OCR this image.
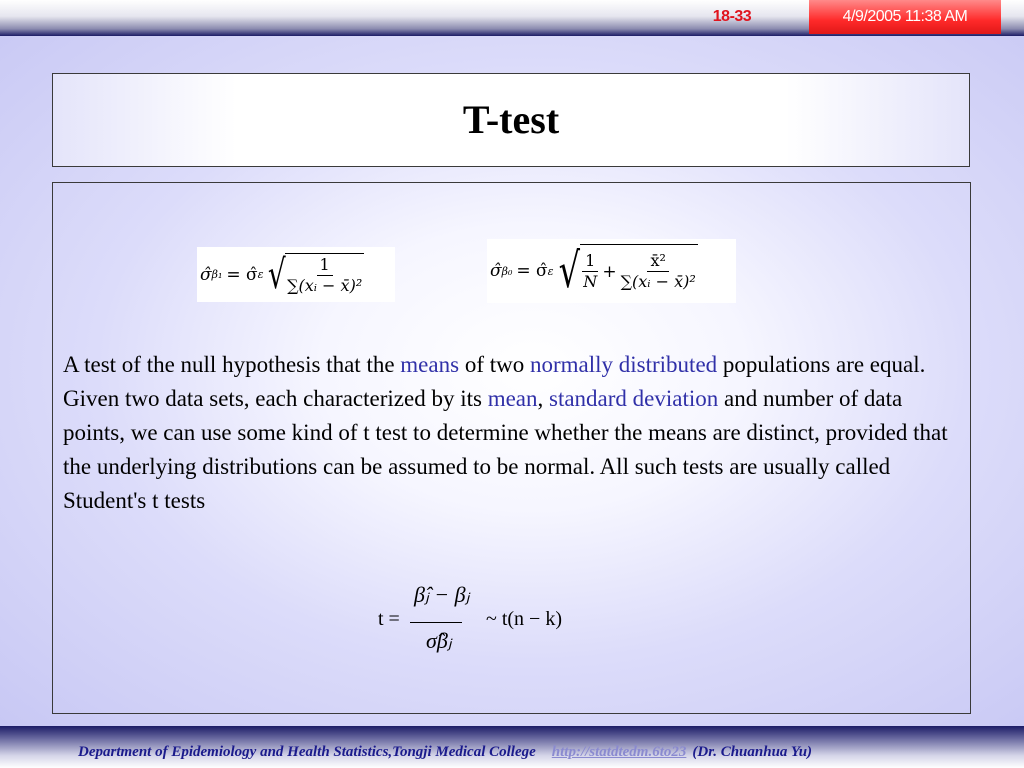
18-33	4/9/2005 11:38 AM
T-test
σ̂ β₁ = σ̂ ε √ $\frac{1}{\text{∑(xᵢ − x̄)²}}$	σ̂ β₀ = σ̂ ε √ $\frac{1}{N} + \frac{\text{x̄²}}{\text{∑(xᵢ − x̄)²}}$
A test of the null hypothesis that the means of two normally distributed populations are equal. Given two data sets, each characterized by its mean, standard deviation and number of data points, we can use some kind of t test to determine whether the means are distinct, provided that the underlying distributions can be assumed to be normal. All such tests are usually called Student's t tests
t =
β̂ⱼ − βⱼ
σ̂βⱼ
~ t(n − k)
Department of Epidemiology and Health Statistics,Tongji Medical College http://statdtedm.6to23 (Dr. Chuanhua Yu)
